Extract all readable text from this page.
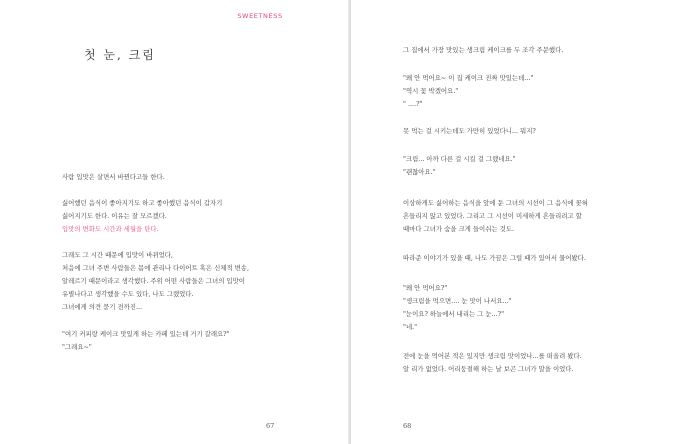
SWEETNESS
첫 눈, 크림
사람 입맛은 살면서 바뀐다고들 한다.
싫어했던 음식이 좋아지기도 하고 좋아했던 음식이 갑자기
싫어지기도 한다. 이유는 잘 모르겠다.
입맛의 변화도 시간과 세월을 탄다.
그래도 그 시간 때문에 입맛이 바뀌었다,
처음에 그녀 주변 사람들은 몸에 관리나 다이어트 혹은 신체적 변송,
알레르기 때문이라고 생각했다. 주위 어떤 사람들은 그녀의 입맛이
유별나다고 생각했을 수도 있다, 나도 그랬었다.
그녀에게 의견 묻기 전까진...
"여기 커피랑 케이크 맛있게 하는 카페 있는데 거기 갈래요?"
"그래요~"
67
그 집에서 가장 맛있는 생크림 케이크를 두 조각 주문했다.
"왜 안 먹어요~ 이 집 케이크 진짜 맛있는데..."
"역시 꽃 박겠어요."
" ....?"
못 먹는 걸 시키는데도 가만히 있었다니... 뭐지?
"크림... 아까 다른 걸 시킬 걸 그랬네요."
"괜찮아요."
이상하게도 싫어하는 음식을 앞에 둔 그녀의 시선이 그 음식에 꽂혀
흔들리지 않고 있었다. 그리고 그 시선이 미세하게 흔들리려고 할
때마다 그녀가 숨을 크게 들이쉬는 것도.
따라준 이야기가 있을 때, 나도 가끔은 그럴 때가 있어서 물어봤다.
"왜 안 먹어요?"
"생크림을 먹으면.... 눈 맛이 나서요..."
"눈이요? 하늘에서 내리는 그 눈...?"
"네."
전에 눈을 먹어본 적은 있지만 생크림 맛이었나...를 떠올려 봤다.
알 리가 없었다. 어리둥절해 하는 날 보곤 그녀가 말을 이었다.
68
